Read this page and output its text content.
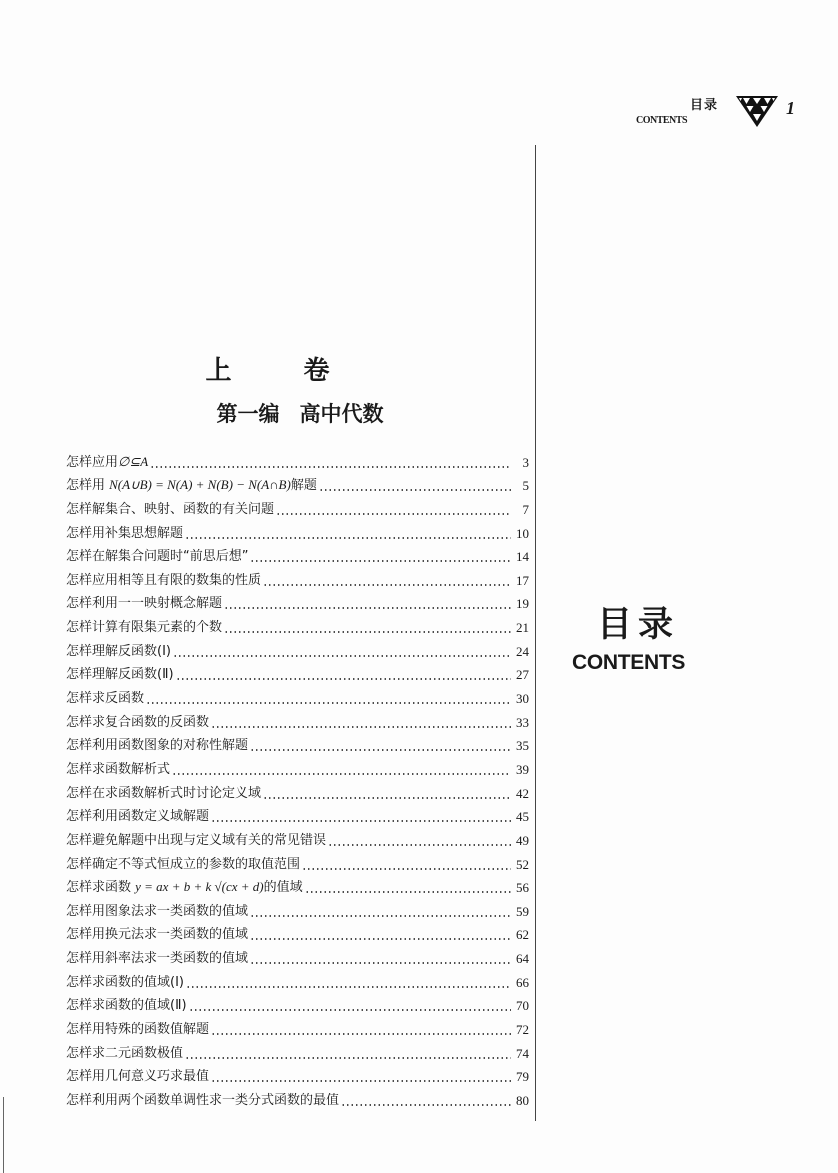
目录
CONTENTS
1
上	卷
第一编 高中代数
怎样应用∅⊆A	3
怎样用 N(A∪B) = N(A) + N(B) − N(A∩B)解题	5
怎样解集合、映射、函数的有关问题	7
怎样用补集思想解题	10
怎样在解集合问题时“前思后想”	14
怎样应用相等且有限的数集的性质	17
怎样利用一一映射概念解题	19
怎样计算有限集元素的个数	21
怎样理解反函数(Ⅰ)	24
怎样理解反函数(Ⅱ)	27
怎样求反函数	30
怎样求复合函数的反函数	33
怎样利用函数图象的对称性解题	35
怎样求函数解析式	39
怎样在求函数解析式时讨论定义域	42
怎样利用函数定义域解题	45
怎样避免解题中出现与定义域有关的常见错误	49
怎样确定不等式恒成立的参数的取值范围	52
怎样求函数 y = ax + b + k √(cx + d)的值域	56
怎样用图象法求一类函数的值域	59
怎样用换元法求一类函数的值域	62
怎样用斜率法求一类函数的值域	64
怎样求函数的值域(Ⅰ)	66
怎样求函数的值域(Ⅱ)	70
怎样用特殊的函数值解题	72
怎样求二元函数极值	74
怎样用几何意义巧求最值	79
怎样利用两个函数单调性求一类分式函数的最值	80
目录
CONTENTS
